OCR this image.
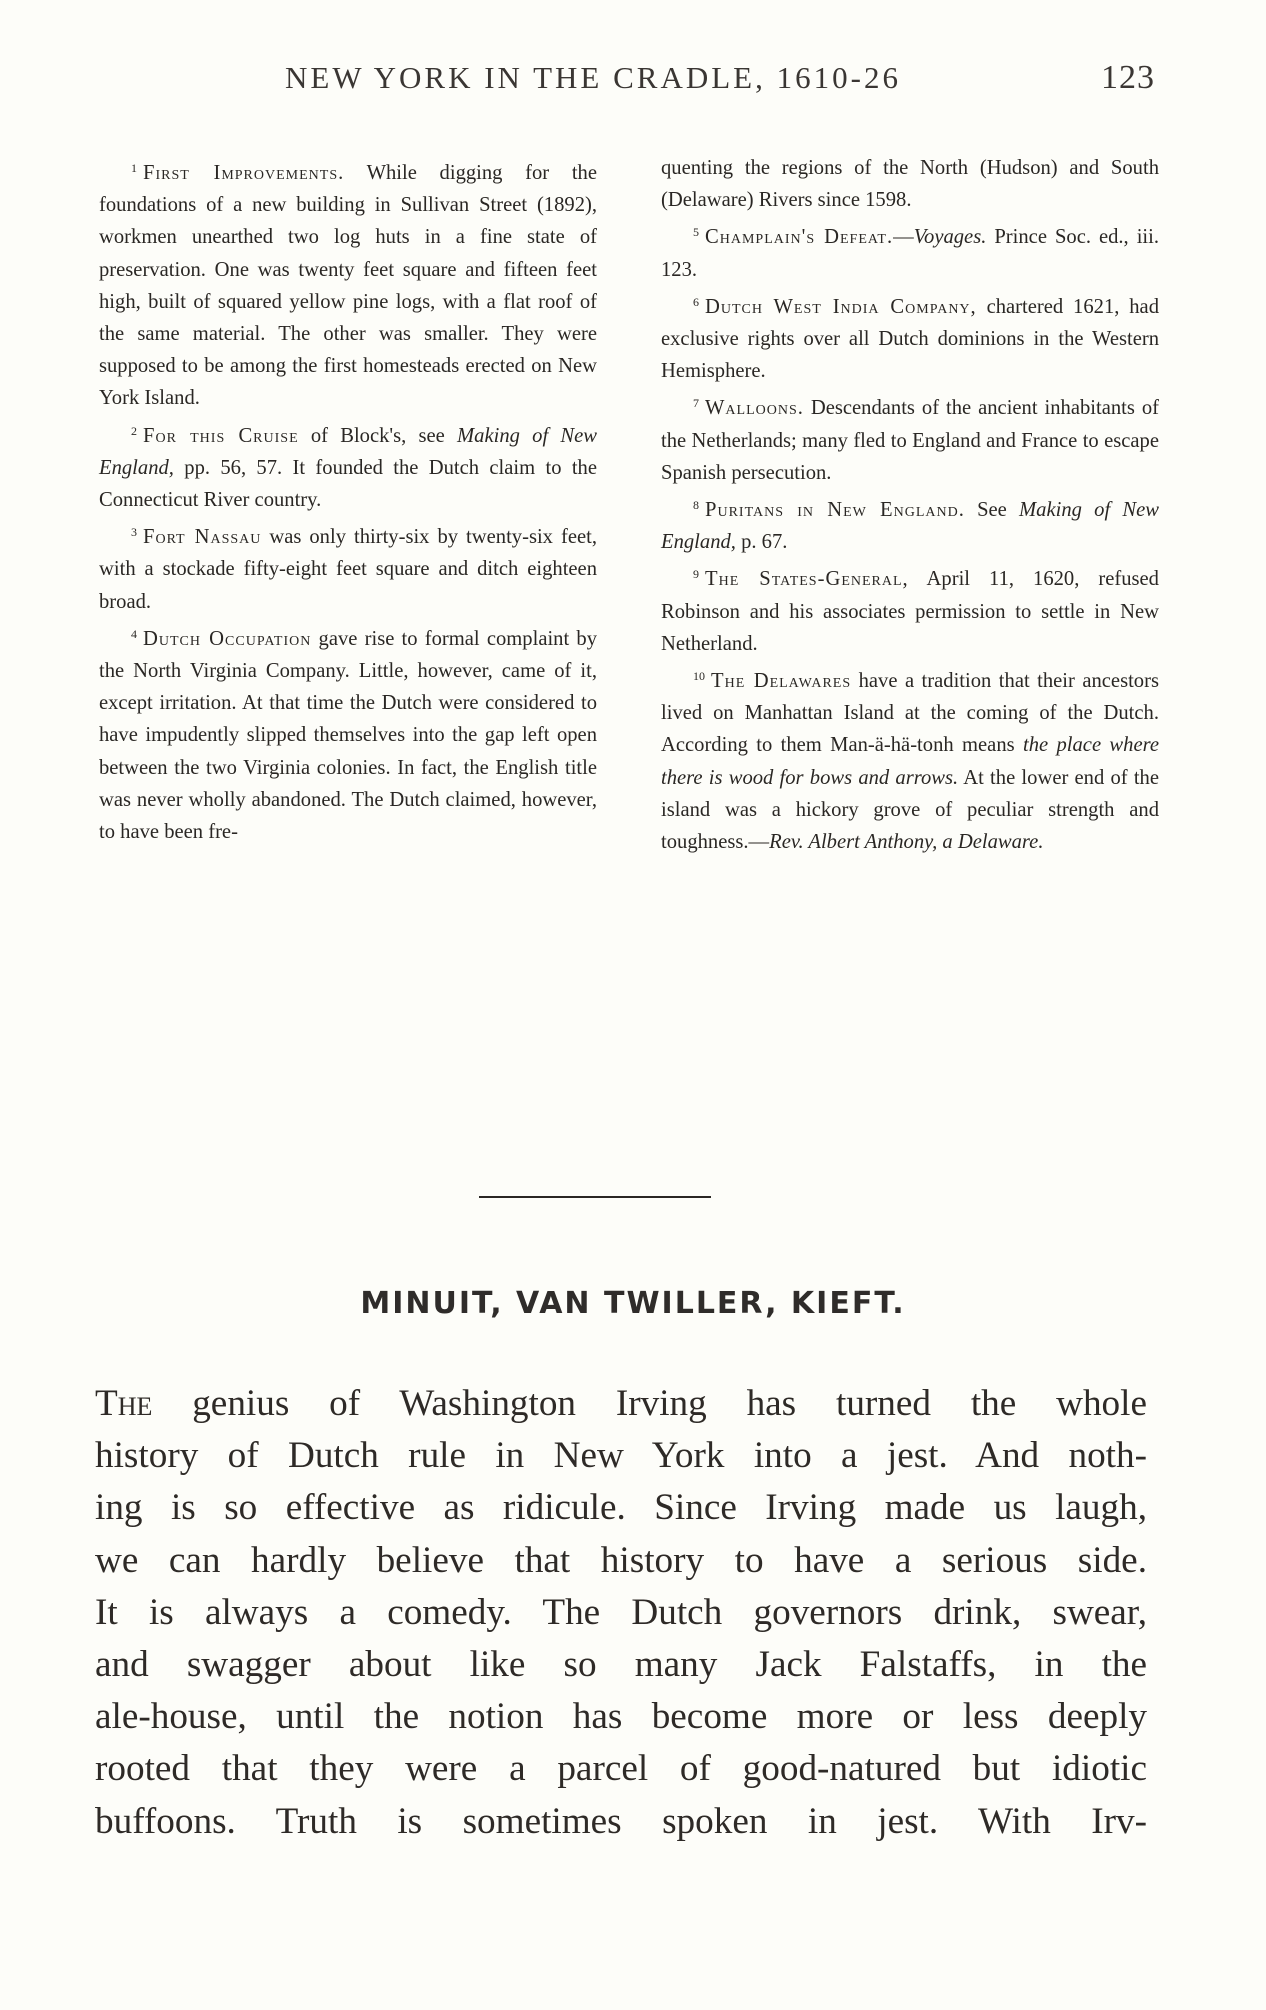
NEW YORK IN THE CRADLE, 1610-26	123

$^1$ First Improvements. While digging for the foundations of a new building in Sullivan Street (1892), workmen unearthed two log huts in a fine state of preservation. One was twenty feet square and fifteen feet high, built of squared yellow pine logs, with a flat roof of the same material. The other was smaller. They were supposed to be among the first homesteads erected on New York Island.

$^2$ For this Cruise of Block's, see Making of New England, pp. 56, 57. It founded the Dutch claim to the Connecticut River country.

$^3$ Fort Nassau was only thirty-six by twenty-six feet, with a stockade fifty-eight feet square and ditch eighteen broad.

$^4$ Dutch Occupation gave rise to formal complaint by the North Virginia Company. Little, however, came of it, except irritation. At that time the Dutch were considered to have impudently slipped themselves into the gap left open between the two Virginia colonies. In fact, the English title was never wholly abandoned. The Dutch claimed, however, to have been fre-

quenting the regions of the North (Hudson) and South (Delaware) Rivers since 1598.

$^5$ Champlain's Defeat.—Voyages. Prince Soc. ed., iii. 123.

$^6$ Dutch West India Company, chartered 1621, had exclusive rights over all Dutch dominions in the Western Hemisphere.

$^7$ Walloons. Descendants of the ancient inhabitants of the Netherlands; many fled to England and France to escape Spanish persecution.

$^8$ Puritans in New England. See Making of New England, p. 67.

$^9$ The States-General, April 11, 1620, refused Robinson and his associates permission to settle in New Netherland.

$^{10}$ The Delawares have a tradition that their ancestors lived on Manhattan Island at the coming of the Dutch. According to them Man-ä-hä-tonh means the place where there is wood for bows and arrows. At the lower end of the island was a hickory grove of peculiar strength and toughness.—Rev. Albert Anthony, a Delaware.

MINUIT, VAN TWILLER, KIEFT.
The genius of Washington Irving has turned the whole
history of Dutch rule in New York into a jest. And noth-
ing is so effective as ridicule. Since Irving made us laugh,
we can hardly believe that history to have a serious side.
It is always a comedy. The Dutch governors drink, swear,
and swagger about like so many Jack Falstaffs, in the
ale-house, until the notion has become more or less deeply
rooted that they were a parcel of good-natured but idiotic
buffoons. Truth is sometimes spoken in jest. With Irv-
